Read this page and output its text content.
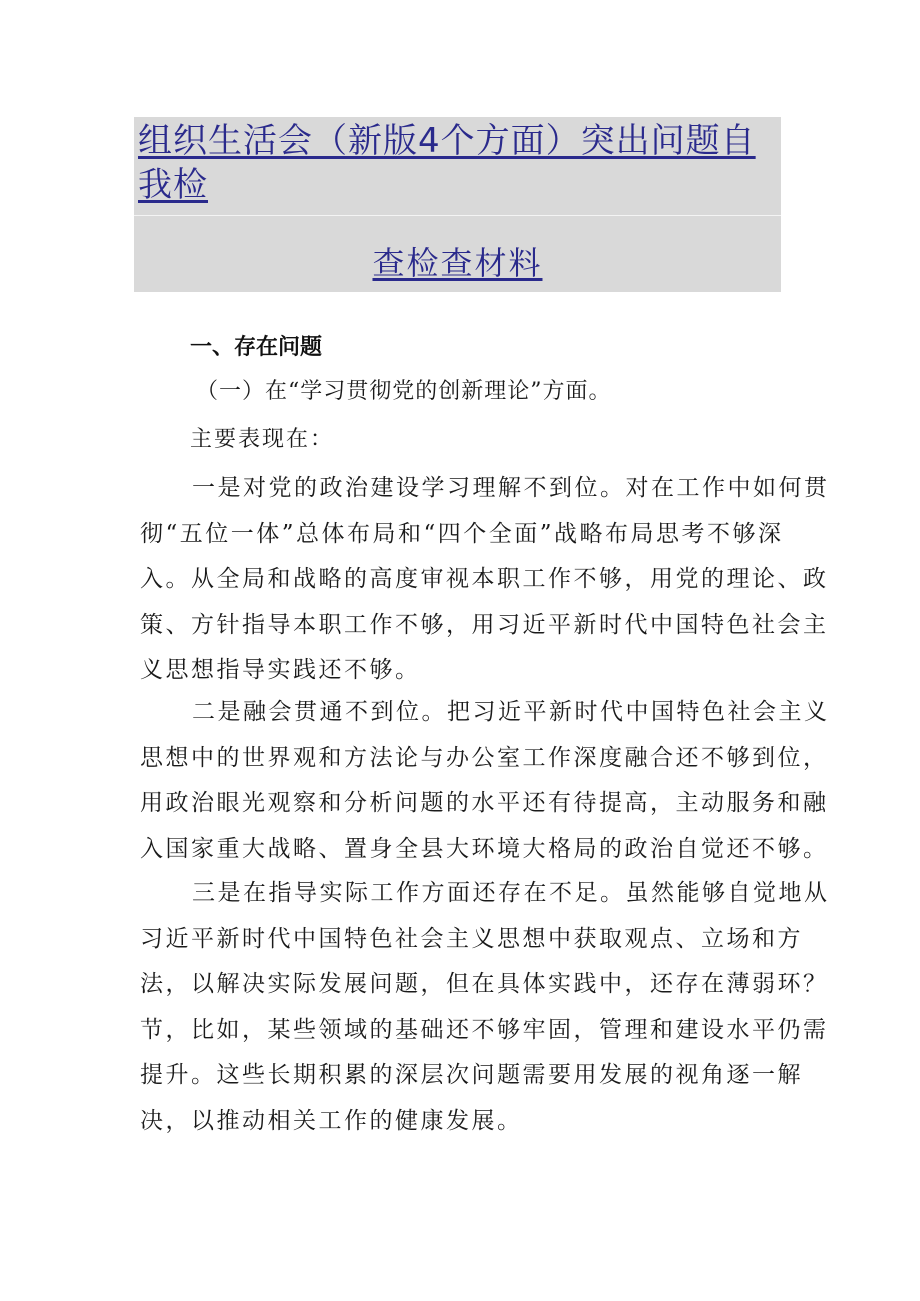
组织生活会（新版4个方面）突出问题自我检
查检查材料
一、存在问题
（一）在“学习贯彻党的创新理论”方面。
主要表现在：
一是对党的政治建设学习理解不到位。对在工作中如何贯
彻“五位一体”总体布局和“四个全面”战略布局思考不够深
入。从全局和战略的高度审视本职工作不够，用党的理论、政
策、方针指导本职工作不够，用习近平新时代中国特色社会主
义思想指导实践还不够。
二是融会贯通不到位。把习近平新时代中国特色社会主义
思想中的世界观和方法论与办公室工作深度融合还不够到位，
用政治眼光观察和分析问题的水平还有待提高，主动服务和融
入国家重大战略、置身全县大环境大格局的政治自觉还不够。
三是在指导实际工作方面还存在不足。虽然能够自觉地从
习近平新时代中国特色社会主义思想中获取观点、立场和方
法，以解决实际发展问题，但在具体实践中，还存在薄弱环？
节，比如，某些领域的基础还不够牢固，管理和建设水平仍需
提升。这些长期积累的深层次问题需要用发展的视角逐一解
决，以推动相关工作的健康发展。
